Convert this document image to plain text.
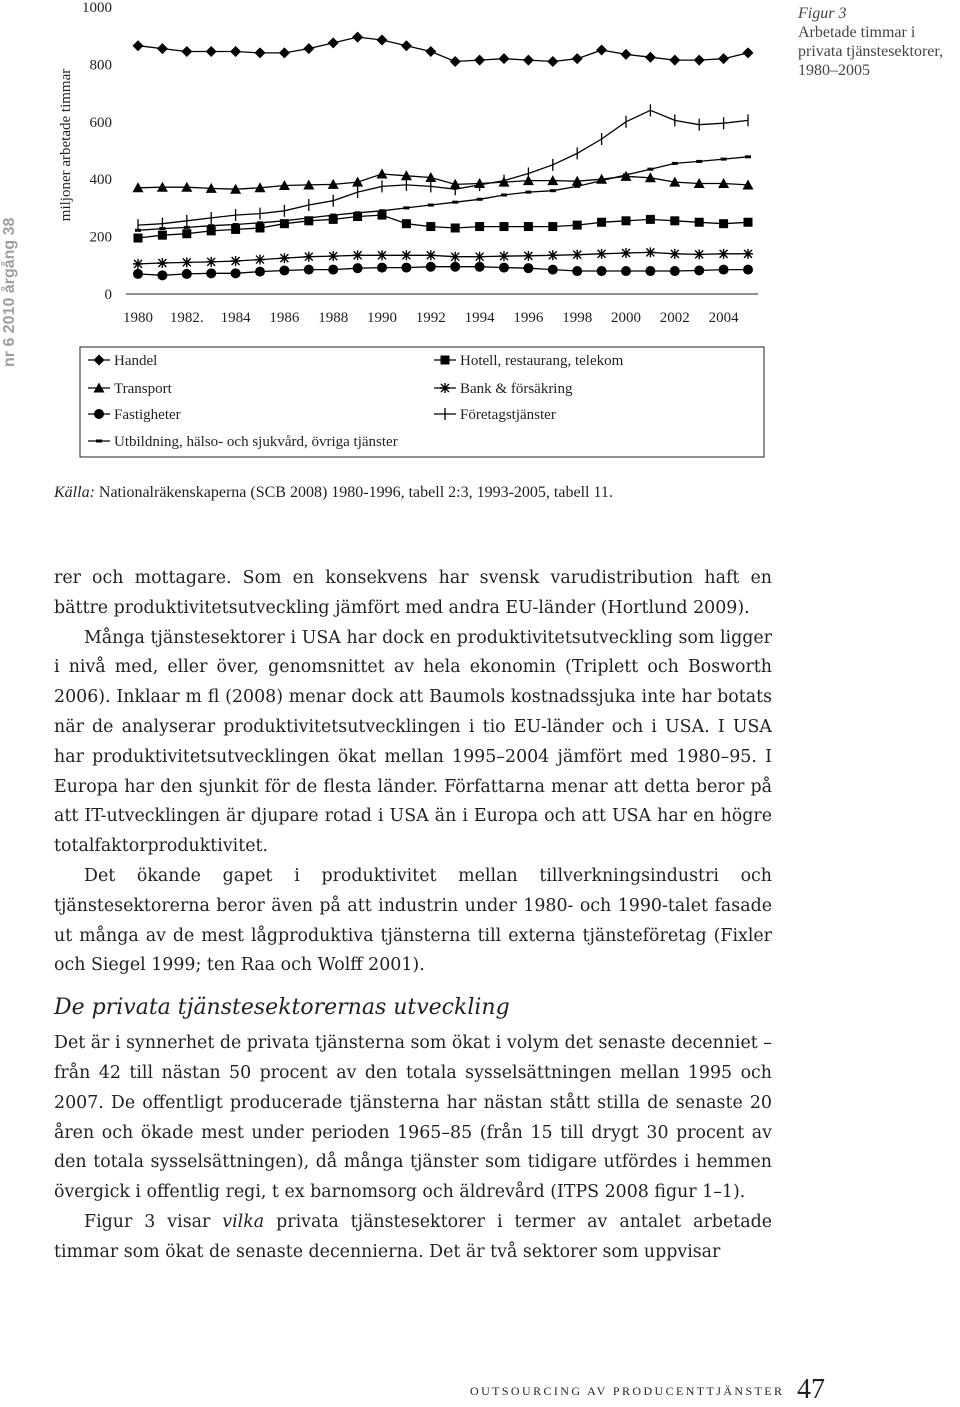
nr 6 2010 årgång 38
miljoner arbetade timmar
0
200
400
600
800
1000
1980 1982. 1984 1986 1988 1990 1992 1994 1996 1998 2000 2002 2004
Handel	Hotell, restaurang, telekom
Transport	Bank & försäkring
Fastigheter	Företagstjänster
Utbildning, hälso- och sjukvård, övriga tjänster
Figur 3
Arbetade timmar i privata tjänstesektorer, 1980–2005
Källa: Nationalräkenskaperna (SCB 2008) 1980-1996, tabell 2:3, 1993-2005, tabell 11.

rer och mottagare. Som en konsekvens har svensk varudistribution haft en bättre produktivitetsutveckling jämfört med andra EU-länder (Hortlund 2009).

Många tjänstesektorer i USA har dock en produktivitetsutveckling som ligger i nivå med, eller över, genomsnittet av hela ekonomin (Triplett och Bosworth 2006). Inklaar m fl (2008) menar dock att Baumols kostnadssjuka inte har botats när de analyserar produktivitetsutvecklingen i tio EU-länder och i USA. I USA har produktivitetsutvecklingen ökat mellan 1995–2004 jämfört med 1980–95. I Europa har den sjunkit för de flesta länder. Författarna menar att detta beror på att IT-utvecklingen är djupare rotad i USA än i Europa och att USA har en högre totalfaktorproduktivitet.

Det ökande gapet i produktivitet mellan tillverkningsindustri och tjänstesektorerna beror även på att industrin under 1980- och 1990-talet fasade ut många av de mest lågproduktiva tjänsterna till externa tjänsteföretag (Fixler och Siegel 1999; ten Raa och Wolff 2001).

De privata tjänstesektorernas utveckling

Det är i synnerhet de privata tjänsterna som ökat i volym det senaste decenniet – från 42 till nästan 50 procent av den totala sysselsättningen mellan 1995 och 2007. De offentligt producerade tjänsterna har nästan stått stilla de senaste 20 åren och ökade mest under perioden 1965–85 (från 15 till drygt 30 procent av den totala sysselsättningen), då många tjänster som tidigare utfördes i hemmen övergick i offentlig regi, t ex barnomsorg och äldrevård (ITPS 2008 figur 1–1).

Figur 3 visar vilka privata tjänstesektorer i termer av antalet arbetade timmar som ökat de senaste decennierna. Det är två sektorer som uppvisar

OUTSOURCING AV PRODUCENTTJÄNSTER 47
